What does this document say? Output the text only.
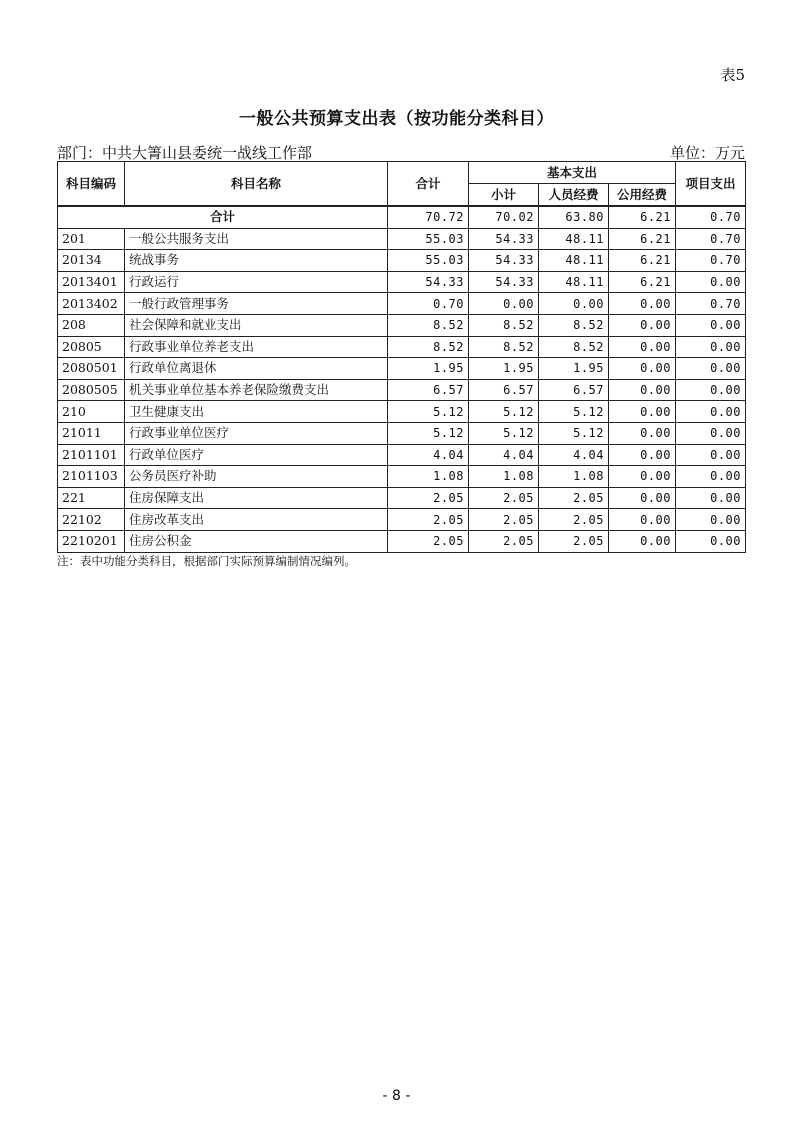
表5
一般公共预算支出表（按功能分类科目）
部门：中共大箐山县委统一战线工作部	单位：万元
科目编码	科目名称	合计	基本支出			项目支出
			小计	人员经费	公用经费	
合计		70.72	70.02	63.80	6.21	0.70
201	一般公共服务支出	55.03	54.33	48.11	6.21	0.70
20134	统战事务	55.03	54.33	48.11	6.21	0.70
2013401	行政运行	54.33	54.33	48.11	6.21	0.00
2013402	一般行政管理事务	0.70	0.00	0.00	0.00	0.70
208	社会保障和就业支出	8.52	8.52	8.52	0.00	0.00
20805	行政事业单位养老支出	8.52	8.52	8.52	0.00	0.00
2080501	行政单位离退休	1.95	1.95	1.95	0.00	0.00
2080505	机关事业单位基本养老保险缴费支出	6.57	6.57	6.57	0.00	0.00
210	卫生健康支出	5.12	5.12	5.12	0.00	0.00
21011	行政事业单位医疗	5.12	5.12	5.12	0.00	0.00
2101101	行政单位医疗	4.04	4.04	4.04	0.00	0.00
2101103	公务员医疗补助	1.08	1.08	1.08	0.00	0.00
221	住房保障支出	2.05	2.05	2.05	0.00	0.00
22102	住房改革支出	2.05	2.05	2.05	0.00	0.00
2210201	住房公积金	2.05	2.05	2.05	0.00	0.00
注：表中功能分类科目，根据部门实际预算编制情况编列。
- 8 -
